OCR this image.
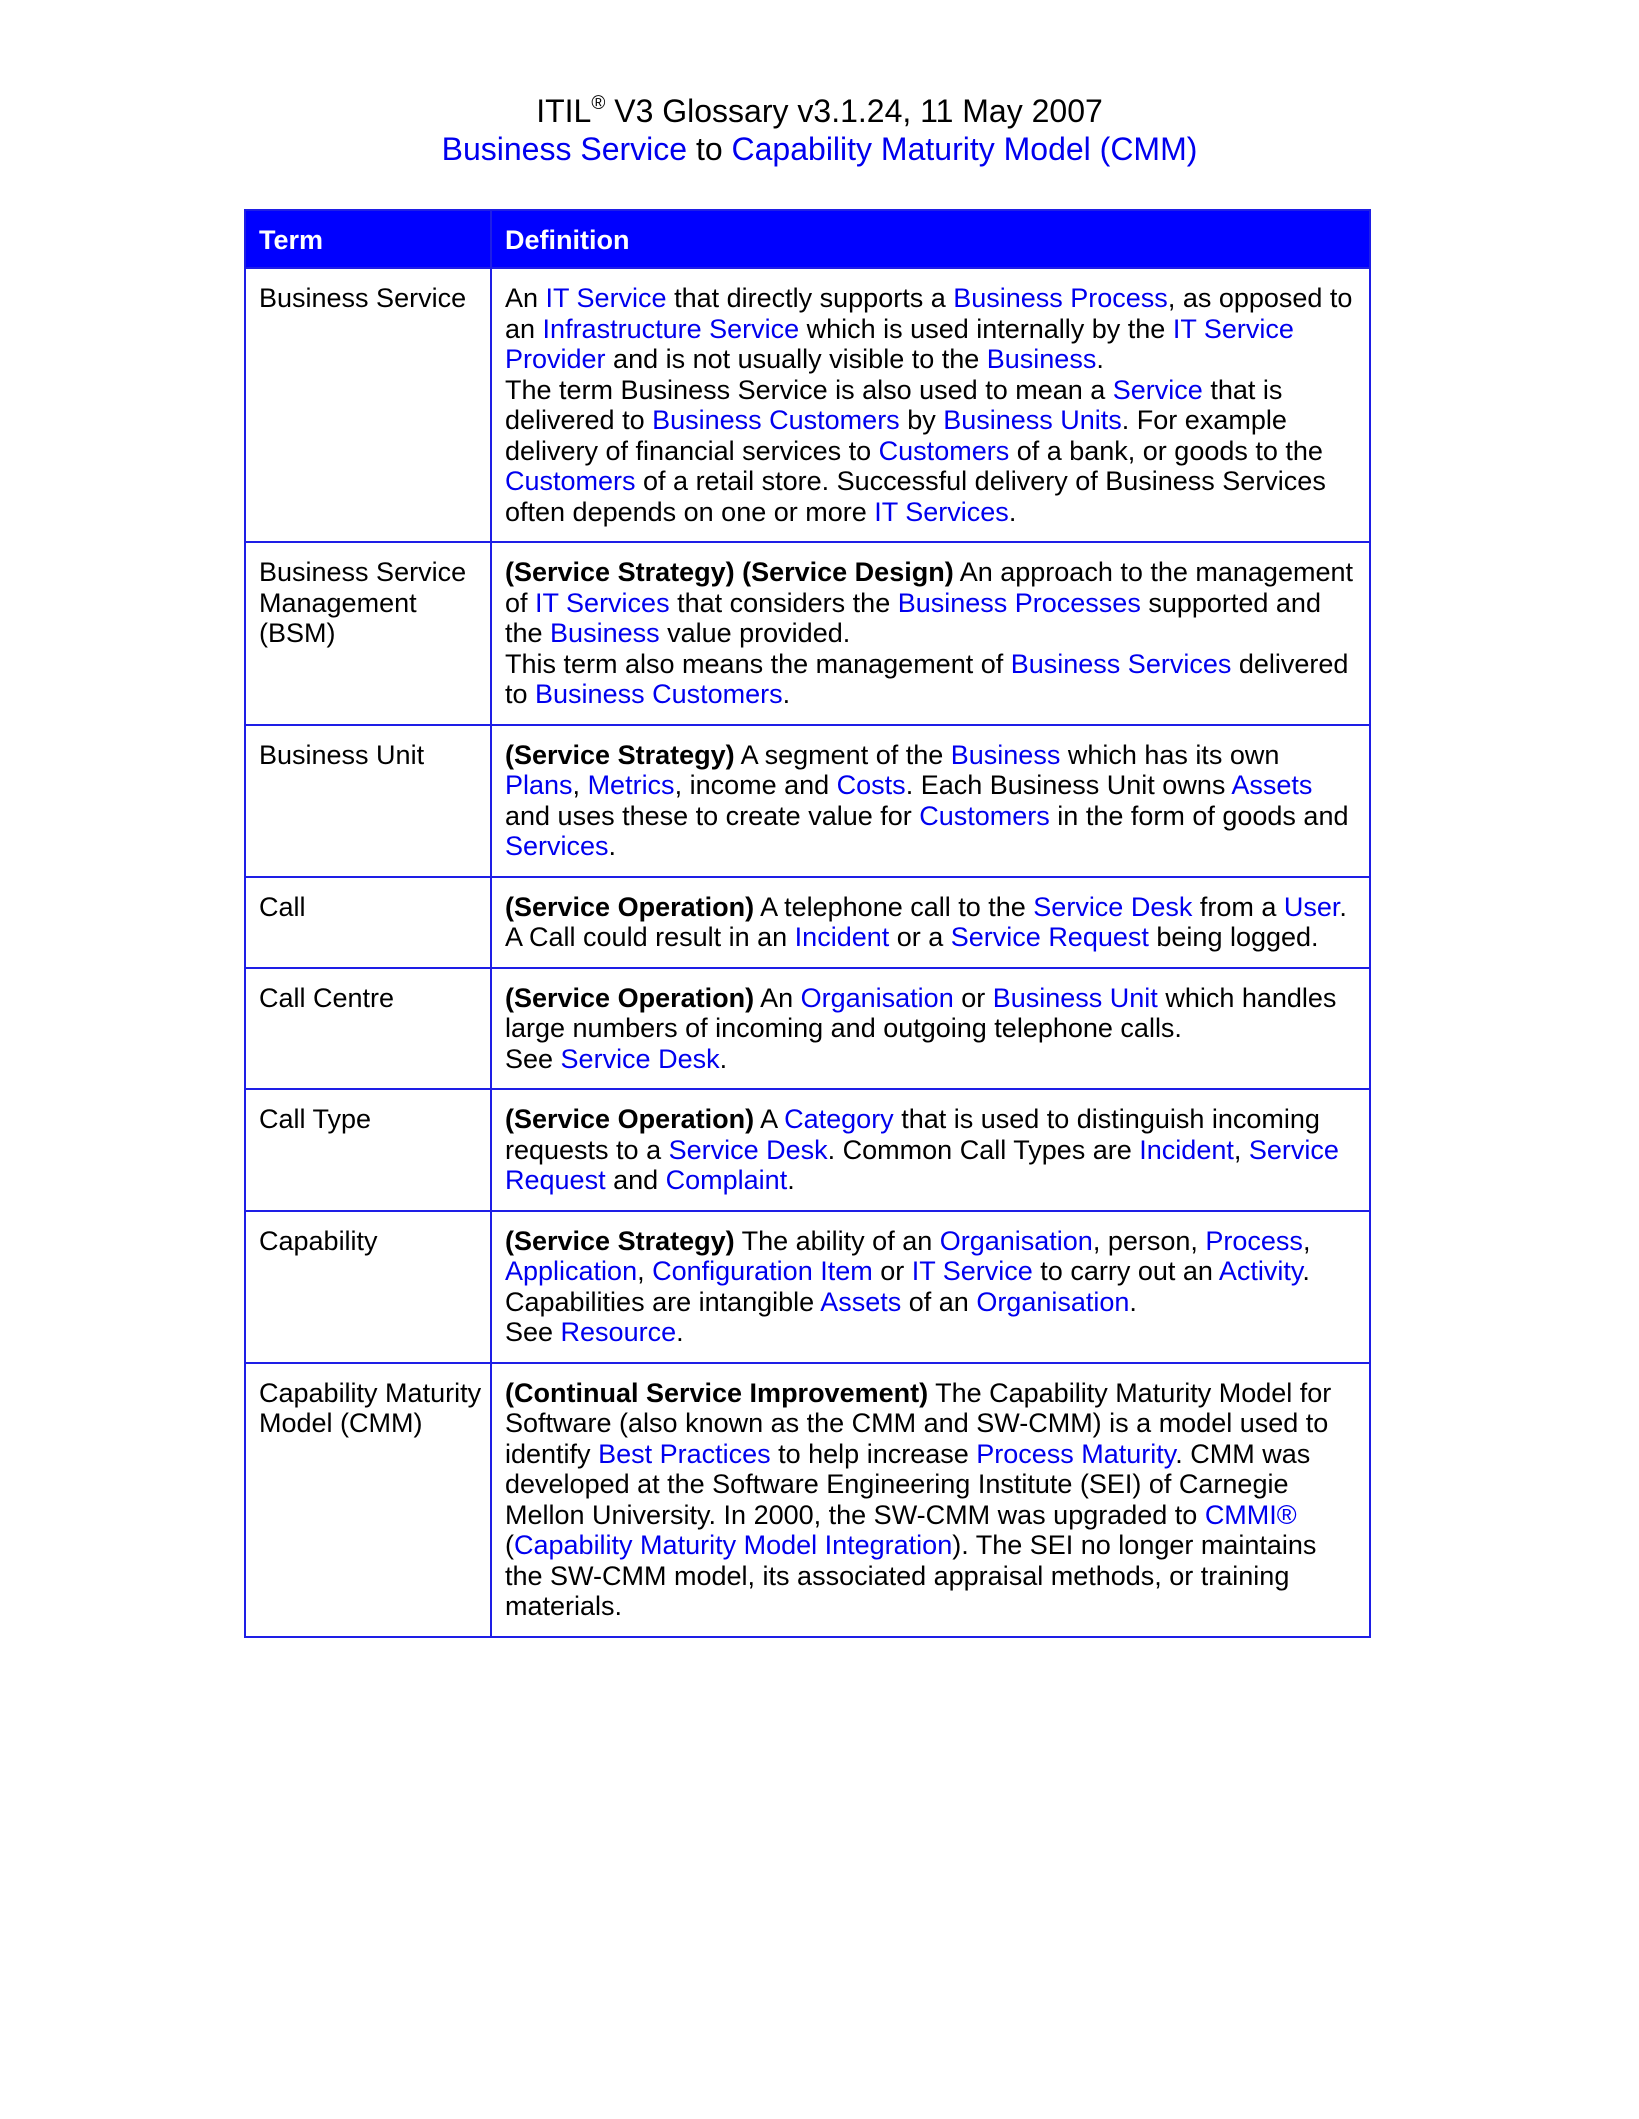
ITIL® V3 Glossary v3.1.24, 11 May 2007
Business Service to Capability Maturity Model (CMM)
Term	Definition
Business Service	An IT Service that directly supports a Business Process, as opposed to an Infrastructure Service which is used internally by the IT Service Provider and is not usually visible to the Business.
The term Business Service is also used to mean a Service that is delivered to Business Customers by Business Units. For example delivery of financial services to Customers of a bank, or goods to the Customers of a retail store. Successful delivery of Business Services often depends on one or more IT Services.

Business Service Management (BSM)	(Service Strategy) (Service Design) An approach to the management of IT Services that considers the Business Processes supported and the Business value provided.
This term also means the management of Business Services delivered to Business Customers.

Business Unit	(Service Strategy) A segment of the Business which has its own Plans, Metrics, income and Costs. Each Business Unit owns Assets and uses these to create value for Customers in the form of goods and Services.

Call	(Service Operation) A telephone call to the Service Desk from a User.
A Call could result in an Incident or a Service Request being logged.

Call Centre	(Service Operation) An Organisation or Business Unit which handles large numbers of incoming and outgoing telephone calls.
See Service Desk.

Call Type	(Service Operation) A Category that is used to distinguish incoming requests to a Service Desk. Common Call Types are Incident, Service Request and Complaint.

Capability	(Service Strategy) The ability of an Organisation, person, Process, Application, Configuration Item or IT Service to carry out an Activity.
Capabilities are intangible Assets of an Organisation.
See Resource.

Capability Maturity Model (CMM)	(Continual Service Improvement) The Capability Maturity Model for Software (also known as the CMM and SW-CMM) is a model used to identify Best Practices to help increase Process Maturity. CMM was developed at the Software Engineering Institute (SEI) of Carnegie Mellon University. In 2000, the SW-CMM was upgraded to CMMI® (Capability Maturity Model Integration). The SEI no longer maintains the SW-CMM model, its associated appraisal methods, or training materials.
